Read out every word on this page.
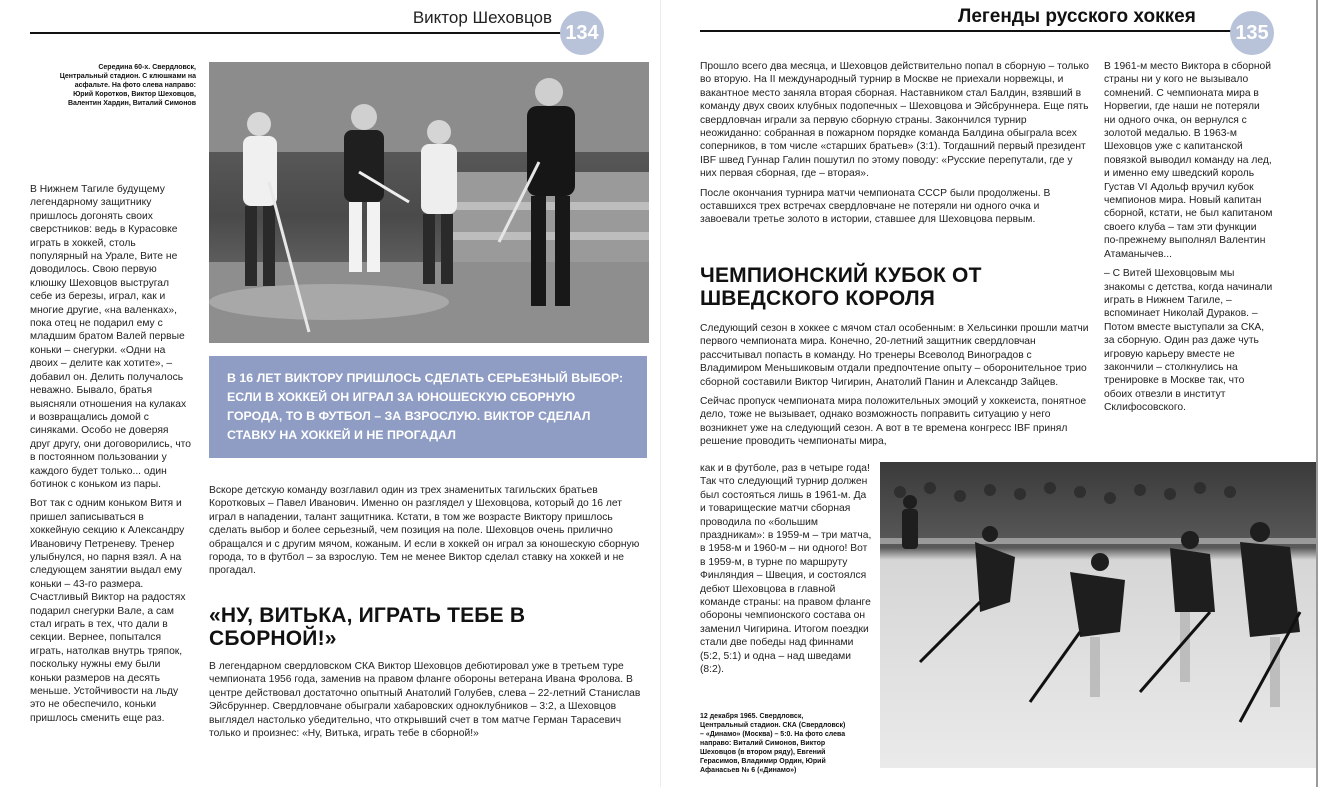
Виктор Шеховцов
134
Середина 60-х. Свердловск, Центральный стадион. С клюшками на асфальте. На фото слева направо: Юрий Коротков, Виктор Шеховцов, Валентин Хардин, Виталий Симонов
В 16 ЛЕТ ВИКТОРУ ПРИШЛОСЬ СДЕЛАТЬ СЕРЬЕЗНЫЙ ВЫБОР: ЕСЛИ В ХОККЕЙ ОН ИГРАЛ ЗА ЮНОШЕСКУЮ СБОРНУЮ ГОРОДА, ТО В ФУТБОЛ – ЗА ВЗРОСЛУЮ. ВИКТОР СДЕЛАЛ СТАВКУ НА ХОККЕЙ И НЕ ПРОГАДАЛ

В Нижнем Тагиле будущему легендарному защитнику пришлось догонять своих сверстников: ведь в Курасовке играть в хоккей, столь популярный на Урале, Вите не доводилось. Свою первую клюшку Шеховцов выстругал себе из березы, играл, как и многие другие, «на валенках», пока отец не подарил ему с младшим братом Валей первые коньки – снегурки. «Одни на двоих – делите как хотите», – добавил он. Делить получалось неважно. Бывало, братья выясняли отношения на кулаках и возвращались домой с синяками. Особо не доверяя друг другу, они договорились, что в постоянном пользовании у каждого будет только... один ботинок с коньком из пары.

Вот так с одним коньком Витя и пришел записываться в хоккейную секцию к Александру Ивановичу Петреневу. Тренер улыбнулся, но парня взял. А на следующем занятии выдал ему коньки – 43-го размера. Счастливый Виктор на радостях подарил снегурки Вале, а сам стал играть в тех, что дали в секции. Вернее, попытался играть, натолкав внутрь тряпок, поскольку нужны ему были коньки размеров на десять меньше. Устойчивости на льду это не обеспечило, коньки пришлось сменить еще раз.

Вскоре детскую команду возглавил один из трех знаменитых тагильских братьев Коротковых – Павел Иванович. Именно он разглядел у Шеховцова, который до 16 лет играл в нападении, талант защитника. Кстати, в том же возрасте Виктору пришлось сделать выбор и более серьезный, чем позиция на поле. Шеховцов очень прилично обращался и с другим мячом, кожаным. И если в хоккей он играл за юношескую сборную города, то в футбол – за взрослую. Тем не менее Виктор сделал ставку на хоккей и не прогадал.
«НУ, ВИТЬКА, ИГРАТЬ ТЕБЕ В СБОРНОЙ!»
В легендарном свердловском СКА Виктор Шеховцов дебютировал уже в третьем туре чемпионата 1956 года, заменив на правом фланге обороны ветерана Ивана Фролова. В центре действовал достаточно опытный Анатолий Голубев, слева – 22-летний Станислав Эйсбруннер. Свердловчане обыграли хабаровских одноклубников – 3:2, а Шеховцов выглядел настолько убедительно, что открывший счет в том матче Герман Тарасевич только и произнес: «Ну, Витька, играть тебе в сборной!»
Легенды русского хоккея
135

Прошло всего два месяца, и Шеховцов действительно попал в сборную – только во вторую. На II международный турнир в Москве не приехали норвежцы, и вакантное место заняла вторая сборная. Наставником стал Балдин, взявший в команду двух своих клубных подопечных – Шеховцова и Эйсбруннера. Еще пять свердловчан играли за первую сборную страны. Закончился турнир неожиданно: собранная в пожарном порядке команда Балдина обыграла всех соперников, в том числе «старших братьев» (3:1). Тогдашний первый президент IBF швед Гуннар Галин пошутил по этому поводу: «Русские перепутали, где у них первая сборная, где – вторая».

После окончания турнира матчи чемпионата СССР были продолжены. В оставшихся трех встречах свердловчане не потеряли ни одного очка и завоевали третье золото в истории, ставшее для Шеховцова первым.

ЧЕМПИОНСКИЙ КУБОК ОТ ШВЕДСКОГО КОРОЛЯ

Следующий сезон в хоккее с мячом стал особенным: в Хельсинки прошли матчи первого чемпионата мира. Конечно, 20-летний защитник свердловчан рассчитывал попасть в команду. Но тренеры Всеволод Виноградов с Владимиром Меньшиковым отдали предпочтение опыту – оборонительное трио сборной составили Виктор Чигирин, Анатолий Панин и Александр Зайцев.

Сейчас пропуск чемпионата мира положительных эмоций у хоккеиста, понятное дело, тоже не вызывает, однако возможность поправить ситуацию у него возникнет уже на следующий сезон. А вот в те времена конгресс IBF принял решение проводить чемпионаты мира,

как и в футболе, раз в четыре года! Так что следующий турнир должен был состояться лишь в 1961-м. Да и товарищеские матчи сборная проводила по «большим праздникам»: в 1959-м – три матча, в 1958-м и 1960-м – ни одного! Вот в 1959-м, в турне по маршруту Финляндия – Швеция, и состоялся дебют Шеховцова в главной команде страны: на правом фланге обороны чемпионского состава он заменил Чигирина. Итогом поездки стали две победы над финнами (5:2, 5:1) и одна – над шведами (8:2).
12 декабря 1965. Свердловск, Центральный стадион. СКА (Свердловск) – «Динамо» (Москва) – 5:0. На фото слева направо: Виталий Симонов, Виктор Шеховцов (в втором ряду), Евгений Герасимов, Владимир Ордин, Юрий Афанасьев № 6 («Динамо»)

В 1961-м место Виктора в сборной страны ни у кого не вызывало сомнений. С чемпионата мира в Норвегии, где наши не потеряли ни одного очка, он вернулся с золотой медалью. В 1963-м Шеховцов уже с капитанской повязкой выводил команду на лед, и именно ему шведский король Густав VI Адольф вручил кубок чемпионов мира. Новый капитан сборной, кстати, не был капитаном своего клуба – там эти функции по-прежнему выполнял Валентин Атаманычев...

– С Витей Шеховцовым мы знакомы с детства, когда начинали играть в Нижнем Тагиле, – вспоминает Николай Дураков. – Потом вместе выступали за СКА, за сборную. Один раз даже чуть игровую карьеру вместе не закончили – столкнулись на тренировке в Москве так, что обоих отвезли в институт Склифосовского.
